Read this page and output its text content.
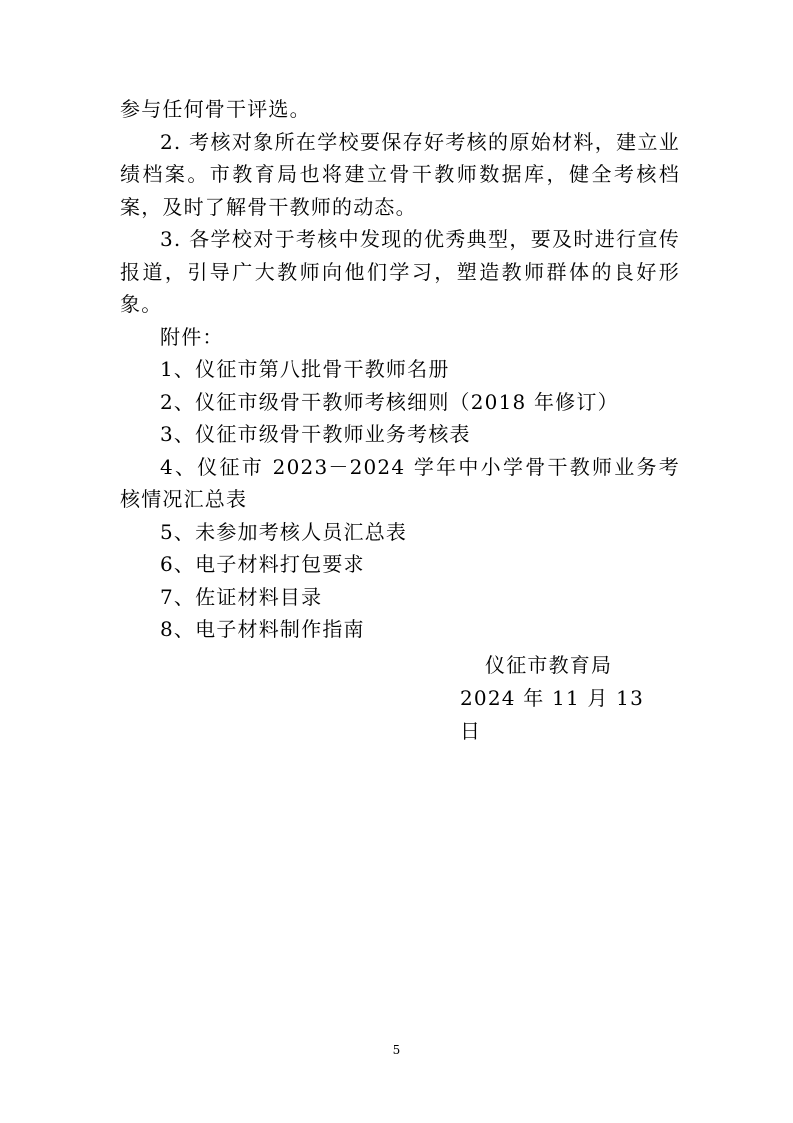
参与任何骨干评选。

2. 考核对象所在学校要保存好考核的原始材料，建立业绩档案。市教育局也将建立骨干教师数据库，健全考核档案，及时了解骨干教师的动态。

3. 各学校对于考核中发现的优秀典型，要及时进行宣传报道，引导广大教师向他们学习，塑造教师群体的良好形象。

附件：

1、仪征市第八批骨干教师名册
2、仪征市级骨干教师考核细则（2018 年修订）
3、仪征市级骨干教师业务考核表
4、仪征市 2023－2024 学年中小学骨干教师业务考核情况汇总表
5、未参加考核人员汇总表
6、电子材料打包要求
7、佐证材料目录
8、电子材料制作指南
仪征市教育局
2024 年 11 月 13 日
5
